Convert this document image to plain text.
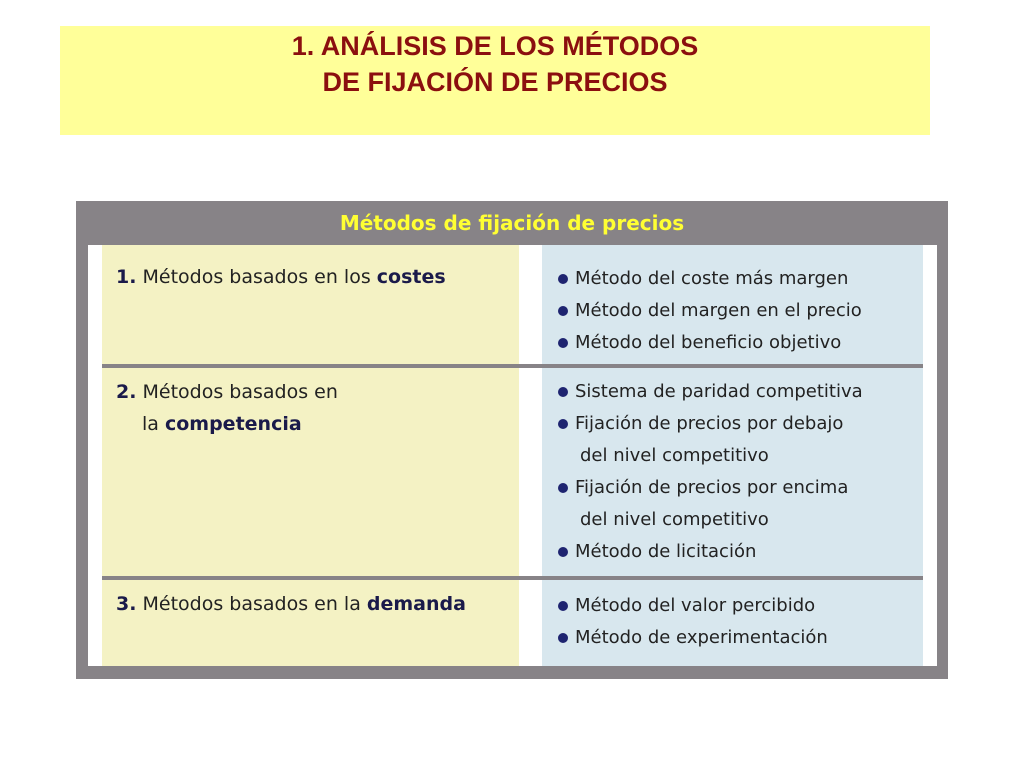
1. ANÁLISIS DE LOS MÉTODOS
DE FIJACIÓN DE PRECIOS
Métodos de fijación de precios
1. Métodos basados en los costes	Método del coste más margen
Método del margen en el precio
Método del beneficio objetivo
2. Métodos basados en
la competencia
Sistema de paridad competitiva
Fijación de precios por debajo
del nivel competitivo
Fijación de precios por encima
del nivel competitivo
Método de licitación
3. Métodos basados en la demanda	Método del valor percibido
Método de experimentación
